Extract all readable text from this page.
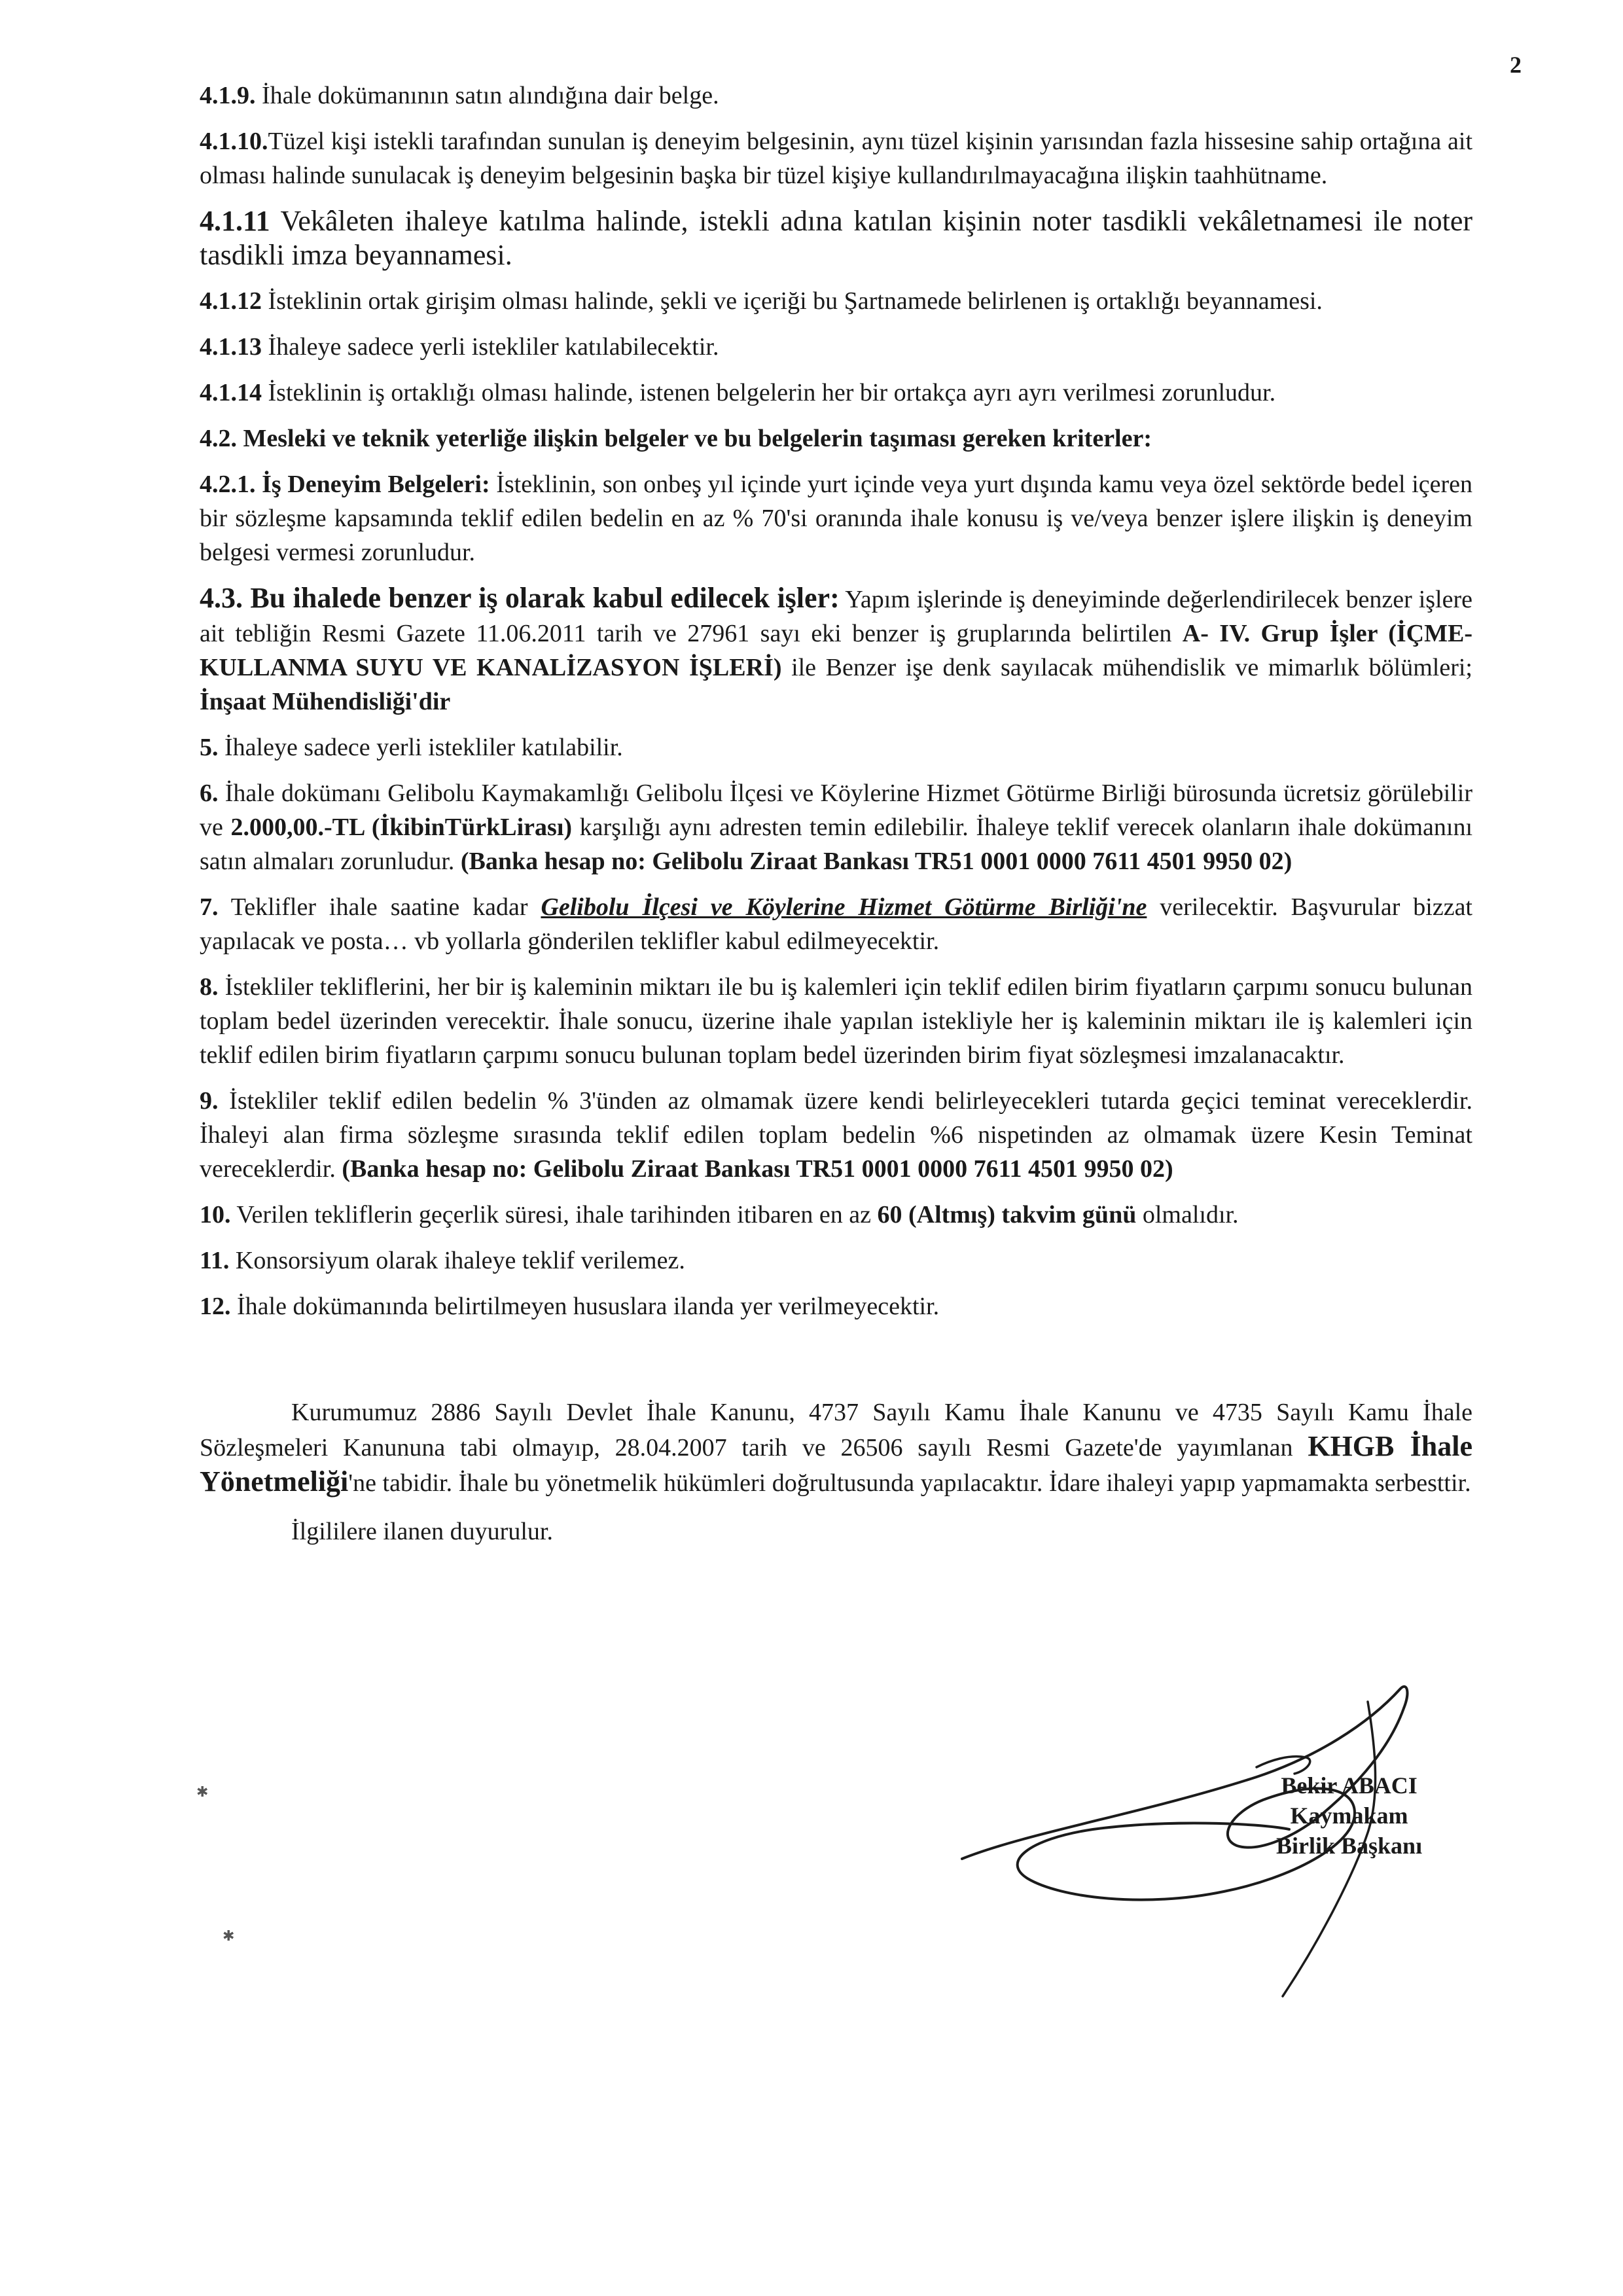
2

4.1.9. İhale dokümanının satın alındığına dair belge.

4.1.10.Tüzel kişi istekli tarafından sunulan iş deneyim belgesinin, aynı tüzel kişinin yarısından fazla hissesine sahip ortağına ait olması halinde sunulacak iş deneyim belgesinin başka bir tüzel kişiye kullandırılmayacağına ilişkin taahhütname.

4.1.11 Vekâleten ihaleye katılma halinde, istekli adına katılan kişinin noter tasdikli vekâletnamesi ile noter tasdikli imza beyannamesi.

4.1.12 İsteklinin ortak girişim olması halinde, şekli ve içeriği bu Şartnamede belirlenen iş ortaklığı beyannamesi.

4.1.13 İhaleye sadece yerli istekliler katılabilecektir.

4.1.14 İsteklinin iş ortaklığı olması halinde, istenen belgelerin her bir ortakça ayrı ayrı verilmesi zorunludur.

4.2. Mesleki ve teknik yeterliğe ilişkin belgeler ve bu belgelerin taşıması gereken kriterler:

4.2.1. İş Deneyim Belgeleri: İsteklinin, son onbeş yıl içinde yurt içinde veya yurt dışında kamu veya özel sektörde bedel içeren bir sözleşme kapsamında teklif edilen bedelin en az % 70'si oranında ihale konusu iş ve/veya benzer işlere ilişkin iş deneyim belgesi vermesi zorunludur.

4.3. Bu ihalede benzer iş olarak kabul edilecek işler: Yapım işlerinde iş deneyiminde değerlendirilecek benzer işlere ait tebliğin Resmi Gazete 11.06.2011 tarih ve 27961 sayı eki benzer iş gruplarında belirtilen A- IV. Grup İşler (İÇME-KULLANMA SUYU VE KANALİZASYON İŞLERİ) ile Benzer işe denk sayılacak mühendislik ve mimarlık bölümleri; İnşaat Mühendisliği'dir

5. İhaleye sadece yerli istekliler katılabilir.

6. İhale dokümanı Gelibolu Kaymakamlığı Gelibolu İlçesi ve Köylerine Hizmet Götürme Birliği bürosunda ücretsiz görülebilir ve 2.000,00.-TL (İkibinTürkLirası) karşılığı aynı adresten temin edilebilir. İhaleye teklif verecek olanların ihale dokümanını satın almaları zorunludur. (Banka hesap no: Gelibolu Ziraat Bankası TR51 0001 0000 7611 4501 9950 02)

7. Teklifler ihale saatine kadar Gelibolu İlçesi ve Köylerine Hizmet Götürme Birliği'ne verilecektir. Başvurular bizzat yapılacak ve posta… vb yollarla gönderilen teklifler kabul edilmeyecektir.

8. İstekliler tekliflerini, her bir iş kaleminin miktarı ile bu iş kalemleri için teklif edilen birim fiyatların çarpımı sonucu bulunan toplam bedel üzerinden verecektir. İhale sonucu, üzerine ihale yapılan istekliyle her iş kaleminin miktarı ile iş kalemleri için teklif edilen birim fiyatların çarpımı sonucu bulunan toplam bedel üzerinden birim fiyat sözleşmesi imzalanacaktır.

9. İstekliler teklif edilen bedelin % 3'ünden az olmamak üzere kendi belirleyecekleri tutarda geçici teminat vereceklerdir. İhaleyi alan firma sözleşme sırasında teklif edilen toplam bedelin %6 nispetinden az olmamak üzere Kesin Teminat vereceklerdir. (Banka hesap no: Gelibolu Ziraat Bankası TR51 0001 0000 7611 4501 9950 02)

10. Verilen tekliflerin geçerlik süresi, ihale tarihinden itibaren en az 60 (Altmış) takvim günü olmalıdır.

11. Konsorsiyum olarak ihaleye teklif verilemez.

12. İhale dokümanında belirtilmeyen hususlara ilanda yer verilmeyecektir.

Kurumumuz 2886 Sayılı Devlet İhale Kanunu, 4737 Sayılı Kamu İhale Kanunu ve 4735 Sayılı Kamu İhale Sözleşmeleri Kanununa tabi olmayıp, 28.04.2007 tarih ve 26506 sayılı Resmi Gazete'de yayımlanan KHGB İhale Yönetmeliği'ne tabidir. İhale bu yönetmelik hükümleri doğrultusunda yapılacaktır. İdare ihaleyi yapıp yapmamakta serbesttir.

İlgililere ilanen duyurulur.

Bekir ABACI
Kaymakam
Birlik Başkanı
✱
✱
